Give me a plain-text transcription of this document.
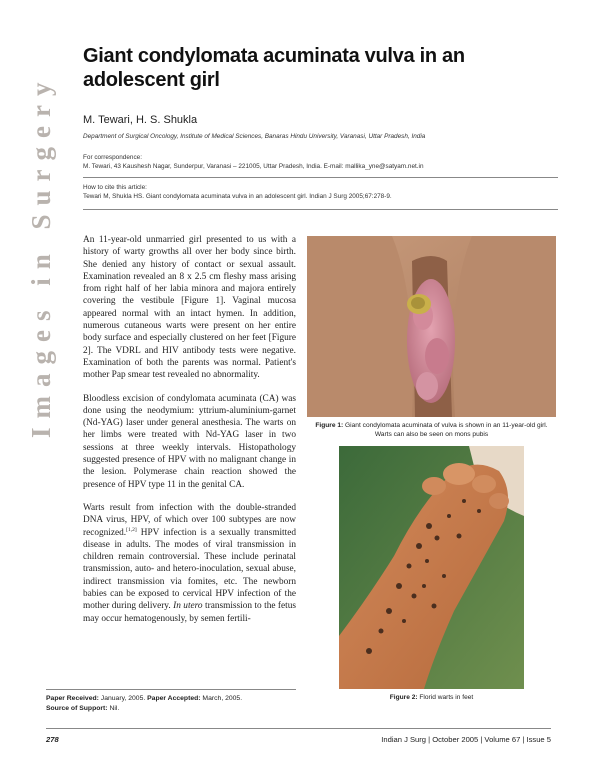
Images in Surgery
Giant condylomata acuminata vulva in an adolescent girl
M. Tewari, H. S. Shukla
Department of Surgical Oncology, Institute of Medical Sciences, Banaras Hindu University, Varanasi, Uttar Pradesh, India
For correspondence:
M. Tewari, 43 Kaushesh Nagar, Sunderpur, Varanasi – 221005, Uttar Pradesh, India. E-mail: mallika_yne@satyam.net.in
How to cite this article:
Tewari M, Shukla HS. Giant condylomata acuminata vulva in an adolescent girl. Indian J Surg 2005;67:278-9.

An 11-year-old unmarried girl presented to us with a history of warty growths all over her body since birth. She denied any history of contact or sexual assault. Examination revealed an 8 x 2.5 cm fleshy mass arising from right half of her labia minora and majora entirely covering the vestibule [Figure 1]. Vaginal mucosa appeared normal with an intact hymen. In addition, numerous cutaneous warts were present on her entire body surface and especially clustered on her feet [Figure 2]. The VDRL and HIV antibody tests were negative. Examination of both the parents was normal. Patient's mother Pap smear test revealed no abnormality.

Bloodless excision of condylomata acuminata (CA) was done using the neodymium: yttrium-aluminium-garnet (Nd-YAG) laser under general anesthesia. The warts on her limbs were treated with Nd-YAG laser in two sessions at three weekly intervals. Histopathology suggested presence of HPV with no malignant change in the lesion. Polymerase chain reaction showed the presence of HPV type 11 in the genital CA.

Warts result from infection with the double-stranded DNA virus, HPV, of which over 100 subtypes are now recognized.[1,2] HPV infection is a sexually transmitted disease in adults. The modes of viral transmission in children remain controversial. These include perinatal transmission, auto- and hetero-inoculation, sexual abuse, indirect transmission via fomites, etc. The newborn babies can be exposed to cervical HPV infection of the mother during delivery. In utero transmission to the fetus may occur hematogenously, by semen fertili-

Figure 1: Giant condylomata acuminata of vulva is shown in an 11-year-old girl. Warts can also be seen on mons pubis
Figure 2: Florid warts in feet
Paper Received: January, 2005. Paper Accepted: March, 2005.
Source of Support: Nil.
278	Indian J Surg | October 2005 | Volume 67 | Issue 5
